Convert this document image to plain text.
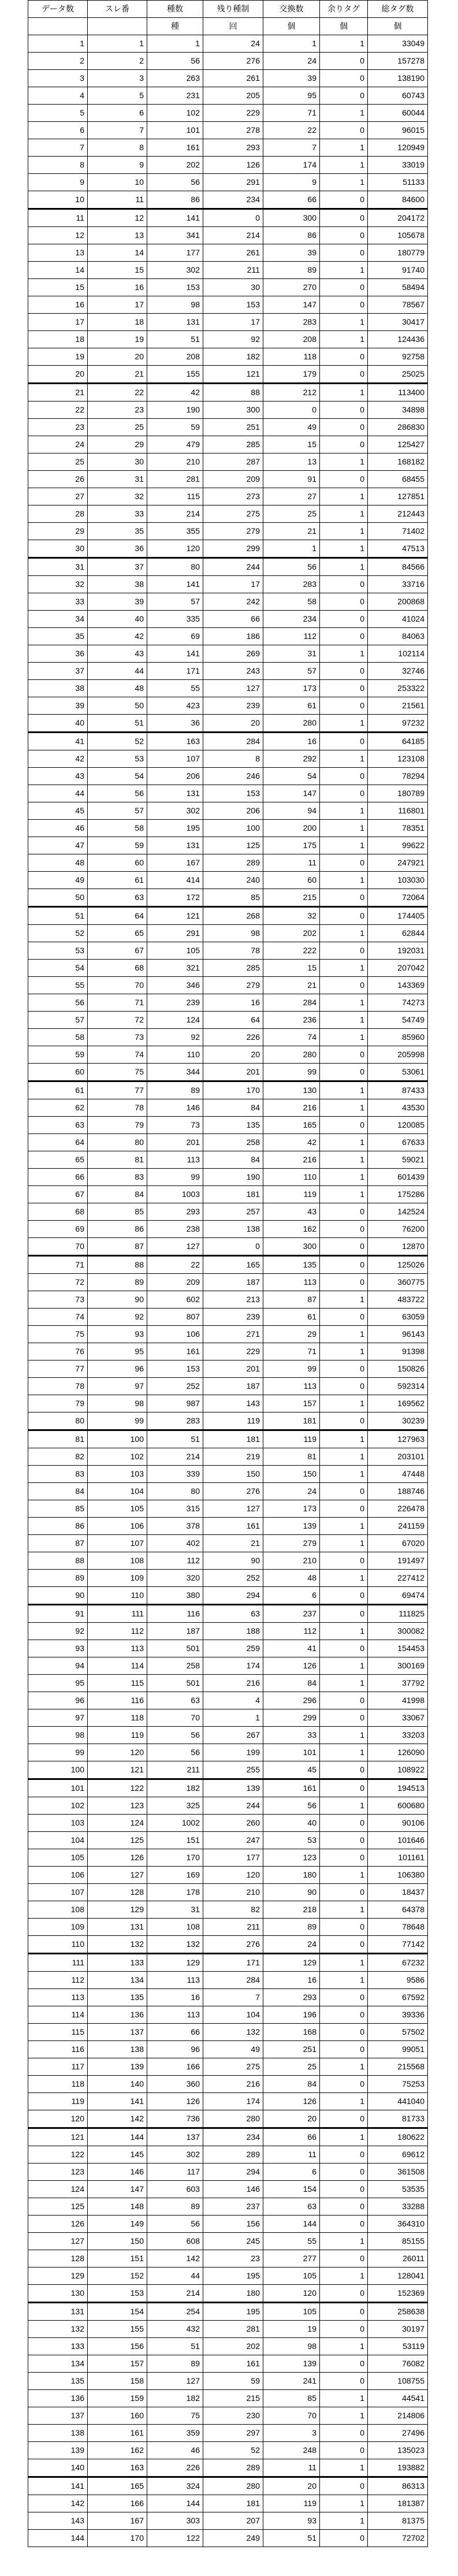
データ数	スレ番	種数	残り種制	交換数	余りタグ	総タグ数
		種	回	個	個	個
1	1	1	24	1	1	33049
2	2	56	276	24	0	157278
3	3	263	261	39	0	138190
4	5	231	205	95	0	60743
5	6	102	229	71	1	60044
6	7	101	278	22	0	96015
7	8	161	293	7	1	120949
8	9	202	126	174	1	33019
9	10	56	291	9	1	51133
10	11	86	234	66	0	84600
11	12	141	0	300	0	204172
12	13	341	214	86	0	105678
13	14	177	261	39	0	180779
14	15	302	211	89	1	91740
15	16	153	30	270	0	58494
16	17	98	153	147	0	78567
17	18	131	17	283	1	30417
18	19	51	92	208	1	124436
19	20	208	182	118	0	92758
20	21	155	121	179	0	25025
21	22	42	88	212	1	113400
22	23	190	300	0	0	34898
23	25	59	251	49	0	286830
24	29	479	285	15	0	125427
25	30	210	287	13	1	168182
26	31	281	209	91	0	68455
27	32	115	273	27	1	127851
28	33	214	275	25	1	212443
29	35	355	279	21	1	71402
30	36	120	299	1	1	47513
31	37	80	244	56	1	84566
32	38	141	17	283	0	33716
33	39	57	242	58	0	200868
34	40	335	66	234	0	41024
35	42	69	186	112	0	84063
36	43	141	269	31	1	102114
37	44	171	243	57	0	32746
38	48	55	127	173	0	253322
39	50	423	239	61	0	21561
40	51	36	20	280	1	97232
41	52	163	284	16	0	64185
42	53	107	8	292	1	123108
43	54	206	246	54	0	78294
44	56	131	153	147	0	180789
45	57	302	206	94	1	116801
46	58	195	100	200	1	78351
47	59	131	125	175	1	99622
48	60	167	289	11	0	247921
49	61	414	240	60	1	103030
50	63	172	85	215	0	72064
51	64	121	268	32	0	174405
52	65	291	98	202	1	62844
53	67	105	78	222	0	192031
54	68	321	285	15	1	207042
55	70	346	279	21	0	143369
56	71	239	16	284	1	74273
57	72	124	64	236	1	54749
58	73	92	226	74	1	85960
59	74	110	20	280	0	205998
60	75	344	201	99	0	53061
61	77	89	170	130	1	87433
62	78	146	84	216	1	43530
63	79	73	135	165	0	120085
64	80	201	258	42	1	67633
65	81	113	84	216	1	59021
66	83	99	190	110	1	601439
67	84	1003	181	119	1	175286
68	85	293	257	43	0	142524
69	86	238	138	162	0	76200
70	87	127	0	300	0	12870
71	88	22	165	135	0	125026
72	89	209	187	113	0	360775
73	90	602	213	87	1	483722
74	92	807	239	61	0	63059
75	93	106	271	29	1	96143
76	95	161	229	71	1	91398
77	96	153	201	99	0	150826
78	97	252	187	113	0	592314
79	98	987	143	157	1	169562
80	99	283	119	181	0	30239
81	100	51	181	119	1	127963
82	102	214	219	81	1	203101
83	103	339	150	150	1	47448
84	104	80	276	24	0	188746
85	105	315	127	173	0	226478
86	106	378	161	139	1	241159
87	107	402	21	279	1	67020
88	108	112	90	210	0	191497
89	109	320	252	48	1	227412
90	110	380	294	6	0	69474
91	111	116	63	237	0	111825
92	112	187	188	112	1	300082
93	113	501	259	41	0	154453
94	114	258	174	126	1	300169
95	115	501	216	84	1	37792
96	116	63	4	296	0	41998
97	118	70	1	299	0	33067
98	119	56	267	33	1	33203
99	120	56	199	101	1	126090
100	121	211	255	45	0	108922
101	122	182	139	161	0	194513
102	123	325	244	56	1	600680
103	124	1002	260	40	0	90106
104	125	151	247	53	0	101646
105	126	170	177	123	0	101161
106	127	169	120	180	1	106380
107	128	178	210	90	0	18437
108	129	31	82	218	1	64378
109	131	108	211	89	0	78648
110	132	132	276	24	0	77142
111	133	129	171	129	1	67232
112	134	113	284	16	1	9586
113	135	16	7	293	0	67592
114	136	113	104	196	0	39336
115	137	66	132	168	0	57502
116	138	96	49	251	0	99051
117	139	166	275	25	1	215568
118	140	360	216	84	0	75253
119	141	126	174	126	1	441040
120	142	736	280	20	0	81733
121	144	137	234	66	1	180622
122	145	302	289	11	0	69612
123	146	117	294	6	0	361508
124	147	603	146	154	0	53535
125	148	89	237	63	0	33288
126	149	56	156	144	0	364310
127	150	608	245	55	1	85155
128	151	142	23	277	0	26011
129	152	44	195	105	1	128041
130	153	214	180	120	0	152369
131	154	254	195	105	0	258638
132	155	432	281	19	0	30197
133	156	51	202	98	1	53119
134	157	89	161	139	0	76082
135	158	127	59	241	0	108755
136	159	182	215	85	1	44541
137	160	75	230	70	1	214806
138	161	359	297	3	0	27496
139	162	46	52	248	0	135023
140	163	226	289	11	1	193882
141	165	324	280	20	0	86313
142	166	144	181	119	1	181387
143	167	303	207	93	1	81375
144	170	122	249	51	0	72702
